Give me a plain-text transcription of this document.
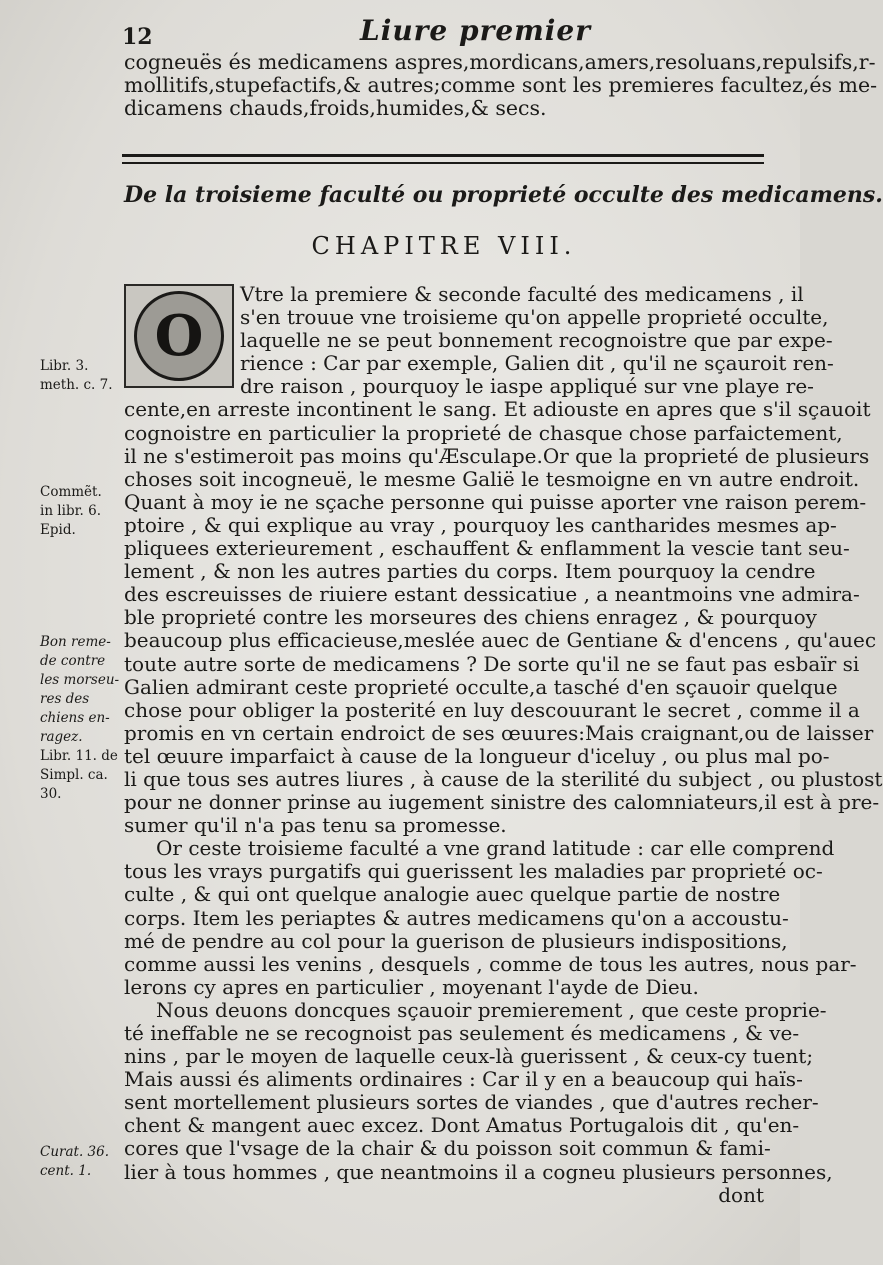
12	Liure premier
cogneuës és medicamens aspres,mordicans,amers,resoluans,repulsifs,r-
mollitifs,stupefactifs,& autres;comme sont les premieres facultez,és me-
dicamens chauds,froids,humides,& secs.
De la troisieme faculté ou proprieté occulte des medicamens.
CHAPITRE VIII.
O
Vtre la premiere & seconde faculté des medicamens , il
s'en trouue vne troisieme qu'on appelle proprieté occulte,
laquelle ne se peut bonnement recognoistre que par expe-
rience : Car par exemple, Galien dit , qu'il ne sçauroit ren-
dre raison , pourquoy le iaspe appliqué sur vne playe re-
cente,en arreste incontinent le sang. Et adiouste en apres que s'il sçauoit
cognoistre en particulier la proprieté de chasque chose parfaictement,
il ne s'estimeroit pas moins qu'Æsculape.Or que la proprieté de plusieurs
choses soit incogneuë, le mesme Galië le tesmoigne en vn autre endroit.
Quant à moy ie ne sçache personne qui puisse aporter vne raison perem-
ptoire , & qui explique au vray , pourquoy les cantharides mesmes ap-
pliquees exterieurement , eschauffent & enflamment la vescie tant seu-
lement , & non les autres parties du corps. Item pourquoy la cendre
des escreuisses de riuiere estant dessicatiue , a neantmoins vne admira-
ble proprieté contre les morseures des chiens enragez , & pourquoy
beaucoup plus efficacieuse,meslée auec de Gentiane & d'encens , qu'auec
toute autre sorte de medicamens ? De sorte qu'il ne se faut pas esbaïr si
Galien admirant ceste proprieté occulte,a tasché d'en sçauoir quelque
chose pour obliger la posterité en luy descouurant le secret , comme il a
promis en vn certain endroict de ses œuures:Mais craignant,ou de laisser
tel œuure imparfaict à cause de la longueur d'iceluy , ou plus mal po-
li que tous ses autres liures , à cause de la sterilité du subject , ou plustost
pour ne donner prinse au iugement sinistre des calomniateurs,il est à pre-
sumer qu'il n'a pas tenu sa promesse.
Or ceste troisieme faculté a vne grand latitude : car elle comprend
tous les vrays purgatifs qui guerissent les maladies par proprieté oc-
culte , & qui ont quelque analogie auec quelque partie de nostre
corps. Item les periaptes & autres medicamens qu'on a accoustu-
mé de pendre au col pour la guerison de plusieurs indispositions,
comme aussi les venins , desquels , comme de tous les autres, nous par-
lerons cy apres en particulier , moyenant l'ayde de Dieu.
Nous deuons doncques sçauoir premierement , que ceste proprie-
té ineffable ne se recognoist pas seulement és medicamens , & ve-
nins , par le moyen de laquelle ceux-là guerissent , & ceux-cy tuent;
Mais aussi és aliments ordinaires : Car il y en a beaucoup qui haïs-
sent mortellement plusieurs sortes de viandes , que d'autres recher-
chent & mangent auec excez. Dont Amatus Portugalois dit , qu'en-
cores que l'vsage de la chair & du poisson soit commun & fami-
lier à tous hommes , que neantmoins il a cogneu plusieurs personnes,
dont
Libr. 3.
meth. c. 7.
Commẽt.
in libr. 6.
Epid.
Bon reme-
de contre
les morseu-
res des
chiens en-
ragez.
Libr. 11. de
Simpl. ca.
30.
Curat. 36.
cent. 1.
